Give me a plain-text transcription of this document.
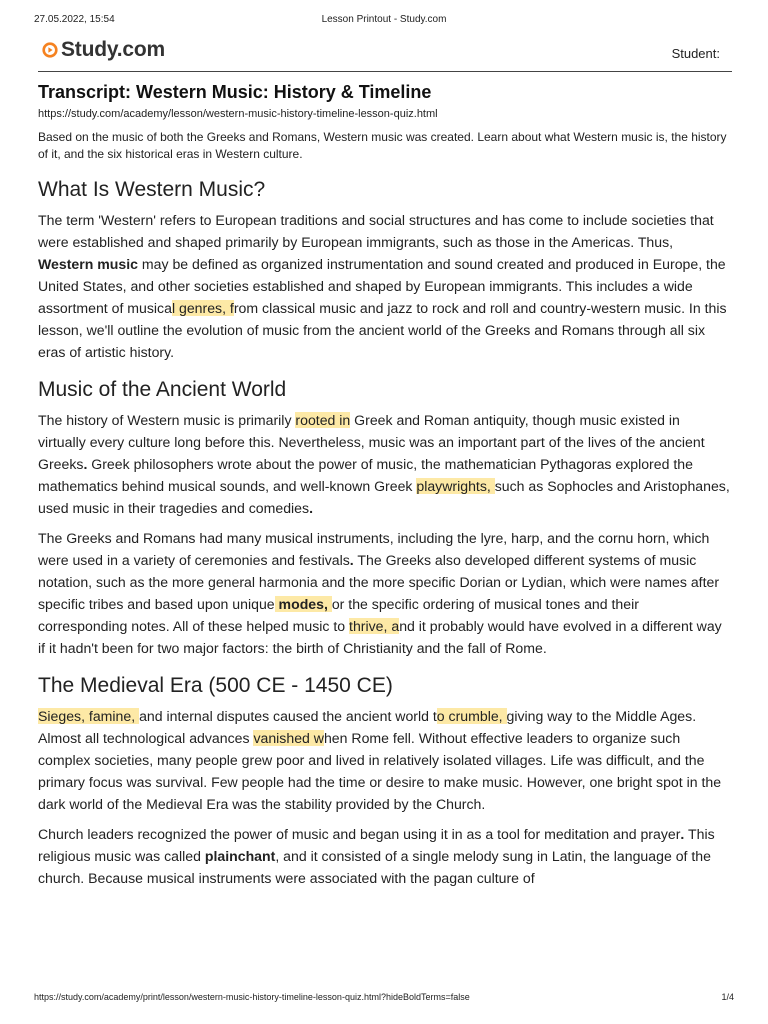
27.05.2022, 15:54	Lesson Printout - Study.com
Study.com	Student:
Transcript: Western Music: History & Timeline
https://study.com/academy/lesson/western-music-history-timeline-lesson-quiz.html

Based on the music of both the Greeks and Romans, Western music was created. Learn about what Western music is, the history of it, and the six historical eras in Western culture.

What Is Western Music?

The term 'Western' refers to European traditions and social structures and has come to include societies that were established and shaped primarily by European immigrants, such as those in the Americas. Thus, Western music may be defined as organized instrumentation and sound created and produced in Europe, the United States, and other societies established and shaped by European immigrants. This includes a wide assortment of musical genres, from classical music and jazz to rock and roll and country-western music. In this lesson, we'll outline the evolution of music from the ancient world of the Greeks and Romans through all six eras of artistic history.

Music of the Ancient World

The history of Western music is primarily rooted in Greek and Roman antiquity, though music existed in virtually every culture long before this. Nevertheless, music was an important part of the lives of the ancient Greeks. Greek philosophers wrote about the power of music, the mathematician Pythagoras explored the mathematics behind musical sounds, and well-known Greek playwrights, such as Sophocles and Aristophanes, used music in their tragedies and comedies.

The Greeks and Romans had many musical instruments, including the lyre, harp, and the cornu horn, which were used in a variety of ceremonies and festivals. The Greeks also developed different systems of music notation, such as the more general harmonia and the more specific Dorian or Lydian, which were names after specific tribes and based upon unique modes, or the specific ordering of musical tones and their corresponding notes. All of these helped music to thrive, and it probably would have evolved in a different way if it hadn't been for two major factors: the birth of Christianity and the fall of Rome.

The Medieval Era (500 CE - 1450 CE)

Sieges, famine, and internal disputes caused the ancient world to crumble, giving way to the Middle Ages. Almost all technological advances vanished when Rome fell. Without effective leaders to organize such complex societies, many people grew poor and lived in relatively isolated villages. Life was difficult, and the primary focus was survival. Few people had the time or desire to make music. However, one bright spot in the dark world of the Medieval Era was the stability provided by the Church.

Church leaders recognized the power of music and began using it in as a tool for meditation and prayer. This religious music was called plainchant, and it consisted of a single melody sung in Latin, the language of the church. Because musical instruments were associated with the pagan culture of

https://study.com/academy/print/lesson/western-music-history-timeline-lesson-quiz.html?hideBoldTerms=false	1/4
